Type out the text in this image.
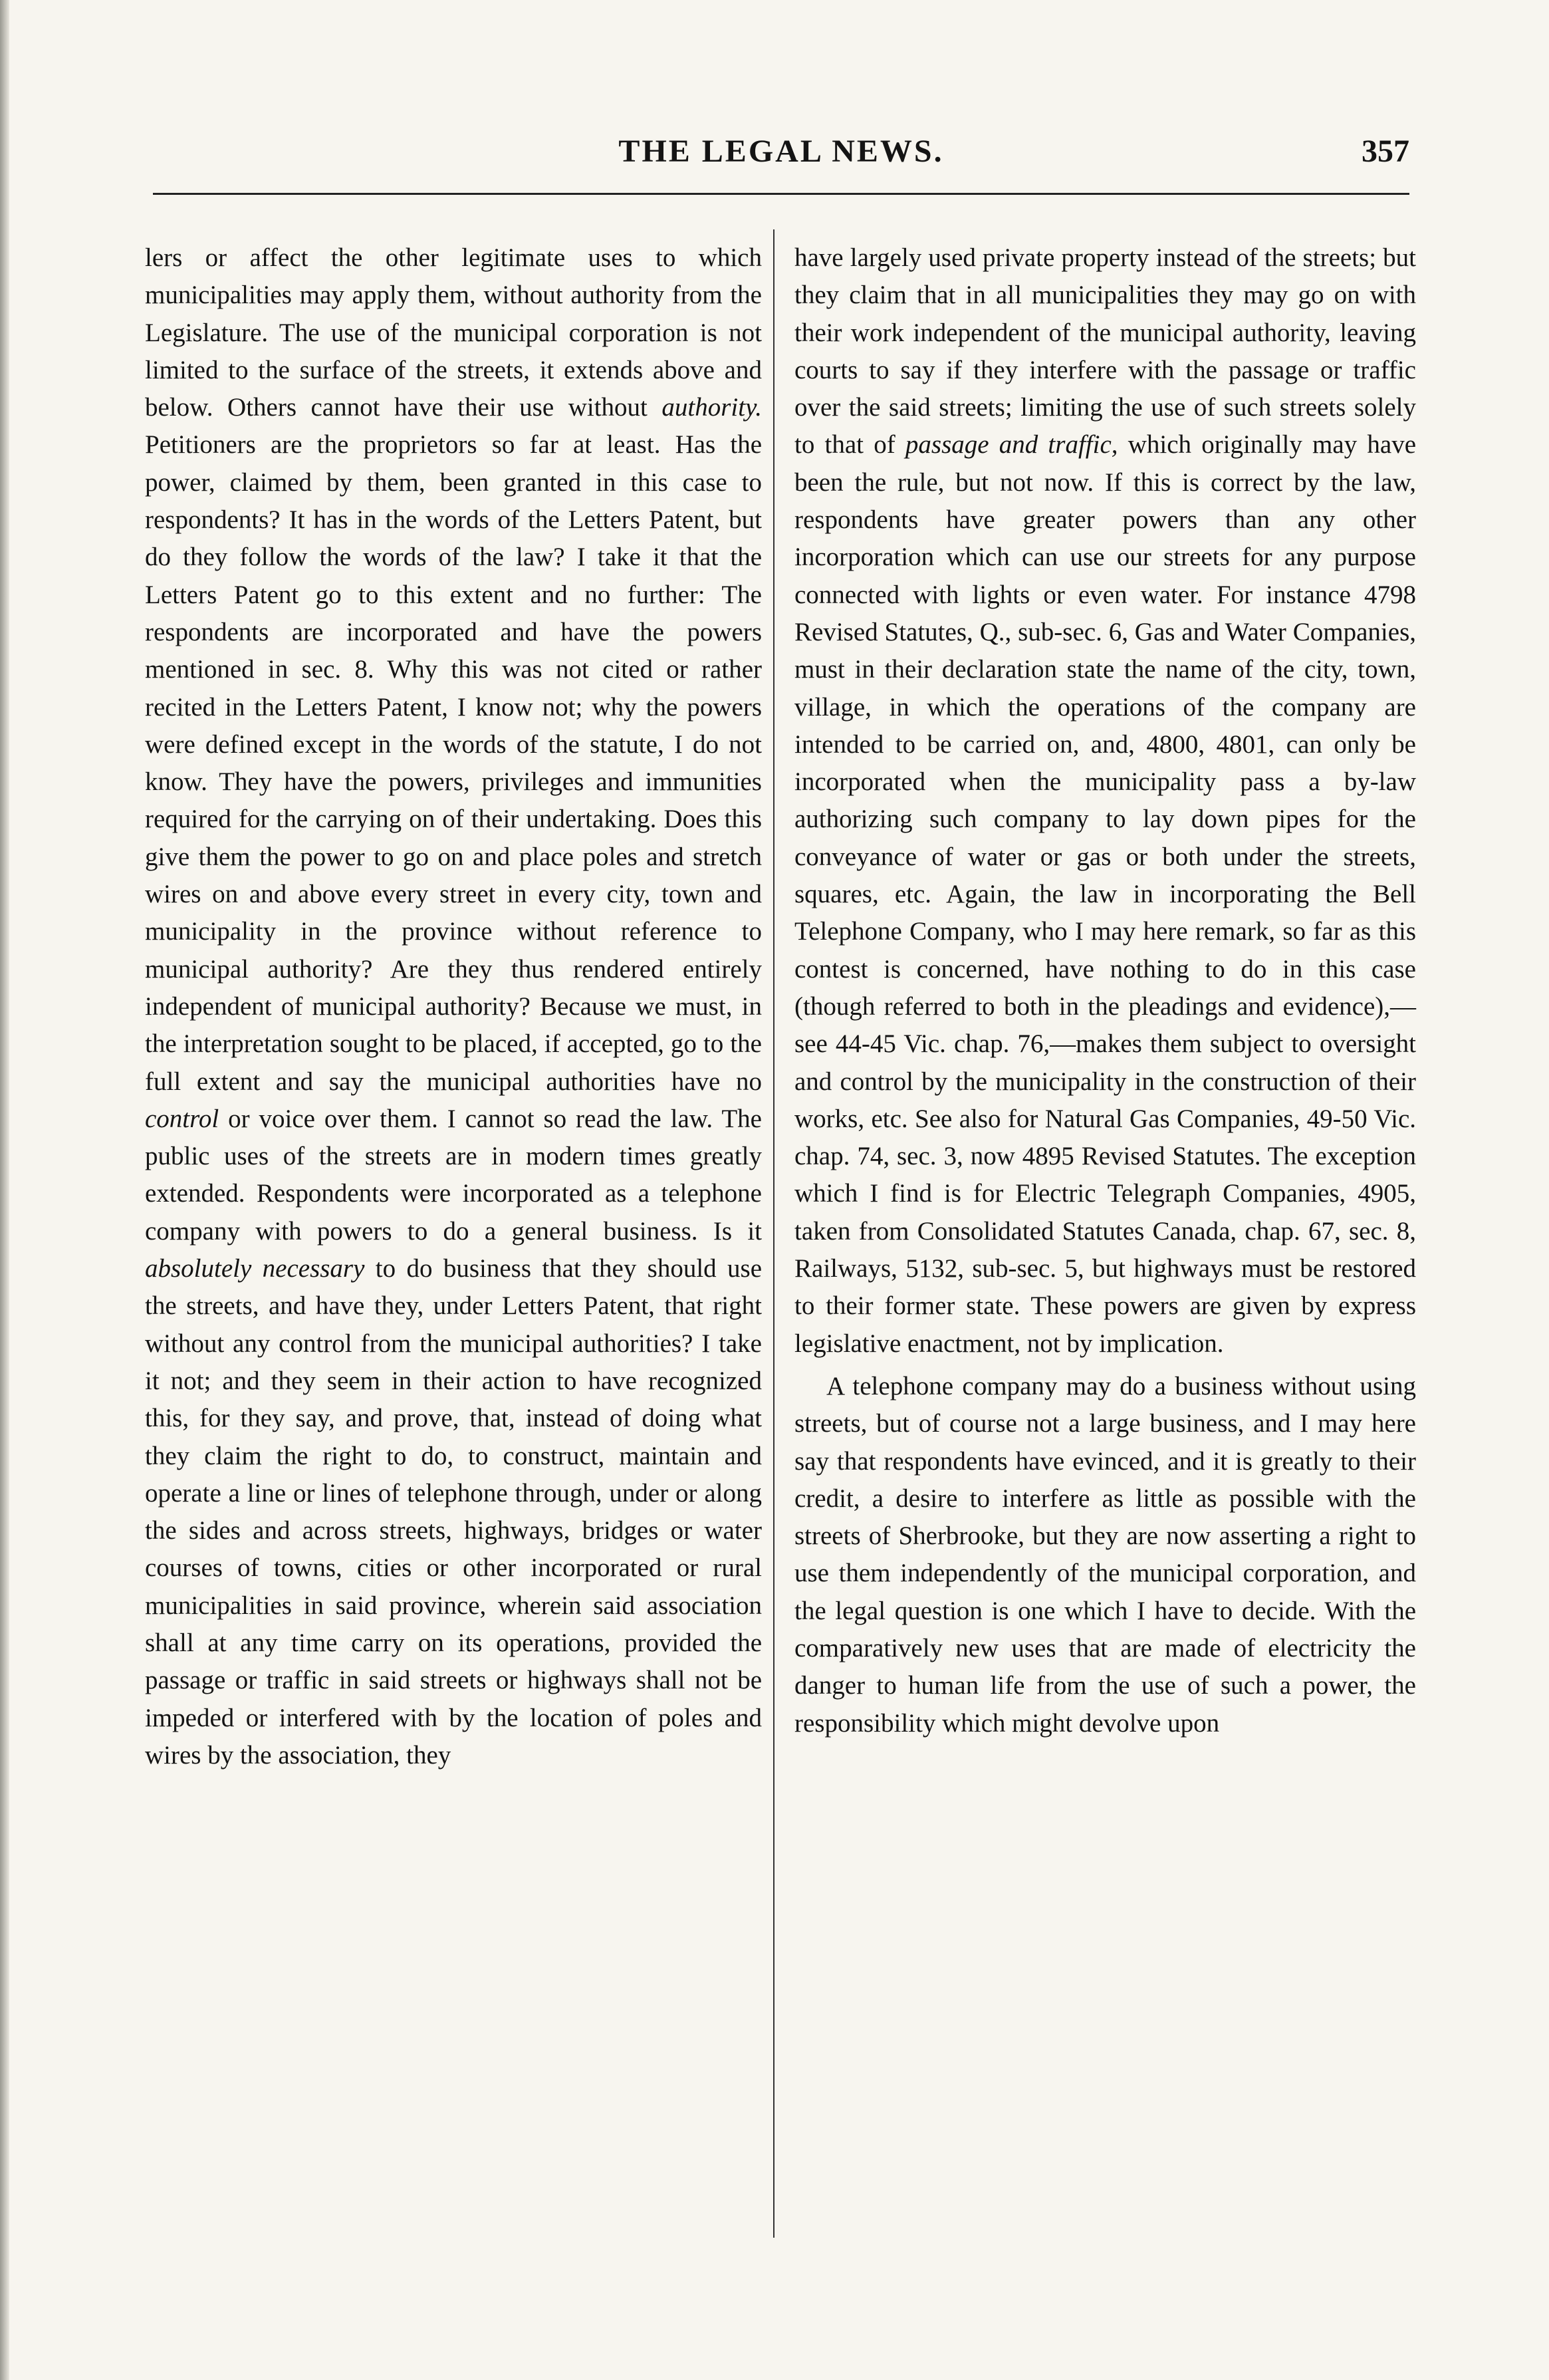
THE LEGAL NEWS.	357

lers or affect the other legitimate uses to which municipalities may apply them, without authority from the Legislature. The use of the municipal corporation is not limited to the surface of the streets, it extends above and below. Others cannot have their use without authority. Petitioners are the proprietors so far at least. Has the power, claimed by them, been granted in this case to respondents? It has in the words of the Letters Patent, but do they follow the words of the law? I take it that the Letters Patent go to this extent and no further: The respondents are incorporated and have the powers mentioned in sec. 8. Why this was not cited or rather recited in the Letters Patent, I know not; why the powers were defined except in the words of the statute, I do not know. They have the powers, privileges and immunities required for the carrying on of their undertaking. Does this give them the power to go on and place poles and stretch wires on and above every street in every city, town and municipality in the province without reference to municipal authority? Are they thus rendered entirely independent of municipal authority? Because we must, in the interpretation sought to be placed, if accepted, go to the full extent and say the municipal authorities have no control or voice over them. I cannot so read the law. The public uses of the streets are in modern times greatly extended. Respondents were incorporated as a telephone company with powers to do a general business. Is it absolutely necessary to do business that they should use the streets, and have they, under Letters Patent, that right without any control from the municipal authorities? I take it not; and they seem in their action to have recognized this, for they say, and prove, that, instead of doing what they claim the right to do, to construct, maintain and operate a line or lines of telephone through, under or along the sides and across streets, highways, bridges or water courses of towns, cities or other incorporated or rural municipalities in said province, wherein said association shall at any time carry on its operations, provided the passage or traffic in said streets or highways shall not be impeded or interfered with by the location of poles and wires by the association, they

have largely used private property instead of the streets; but they claim that in all municipalities they may go on with their work independent of the municipal authority, leaving courts to say if they interfere with the passage or traffic over the said streets; limiting the use of such streets solely to that of passage and traffic, which originally may have been the rule, but not now. If this is correct by the law, respondents have greater powers than any other incorporation which can use our streets for any purpose connected with lights or even water. For instance 4798 Revised Statutes, Q., sub-sec. 6, Gas and Water Companies, must in their declaration state the name of the city, town, village, in which the operations of the company are intended to be carried on, and, 4800, 4801, can only be incorporated when the municipality pass a by-law authorizing such company to lay down pipes for the conveyance of water or gas or both under the streets, squares, etc. Again, the law in incorporating the Bell Telephone Company, who I may here remark, so far as this contest is concerned, have nothing to do in this case (though referred to both in the pleadings and evidence),—see 44-45 Vic. chap. 76,—makes them subject to oversight and control by the municipality in the construction of their works, etc. See also for Natural Gas Companies, 49-50 Vic. chap. 74, sec. 3, now 4895 Revised Statutes. The exception which I find is for Electric Telegraph Companies, 4905, taken from Consolidated Statutes Canada, chap. 67, sec. 8, Railways, 5132, sub-sec. 5, but highways must be restored to their former state. These powers are given by express legislative enactment, not by implication.

A telephone company may do a business without using streets, but of course not a large business, and I may here say that respondents have evinced, and it is greatly to their credit, a desire to interfere as little as possible with the streets of Sherbrooke, but they are now asserting a right to use them independently of the municipal corporation, and the legal question is one which I have to decide. With the comparatively new uses that are made of electricity the danger to human life from the use of such a power, the responsibility which might devolve upon
